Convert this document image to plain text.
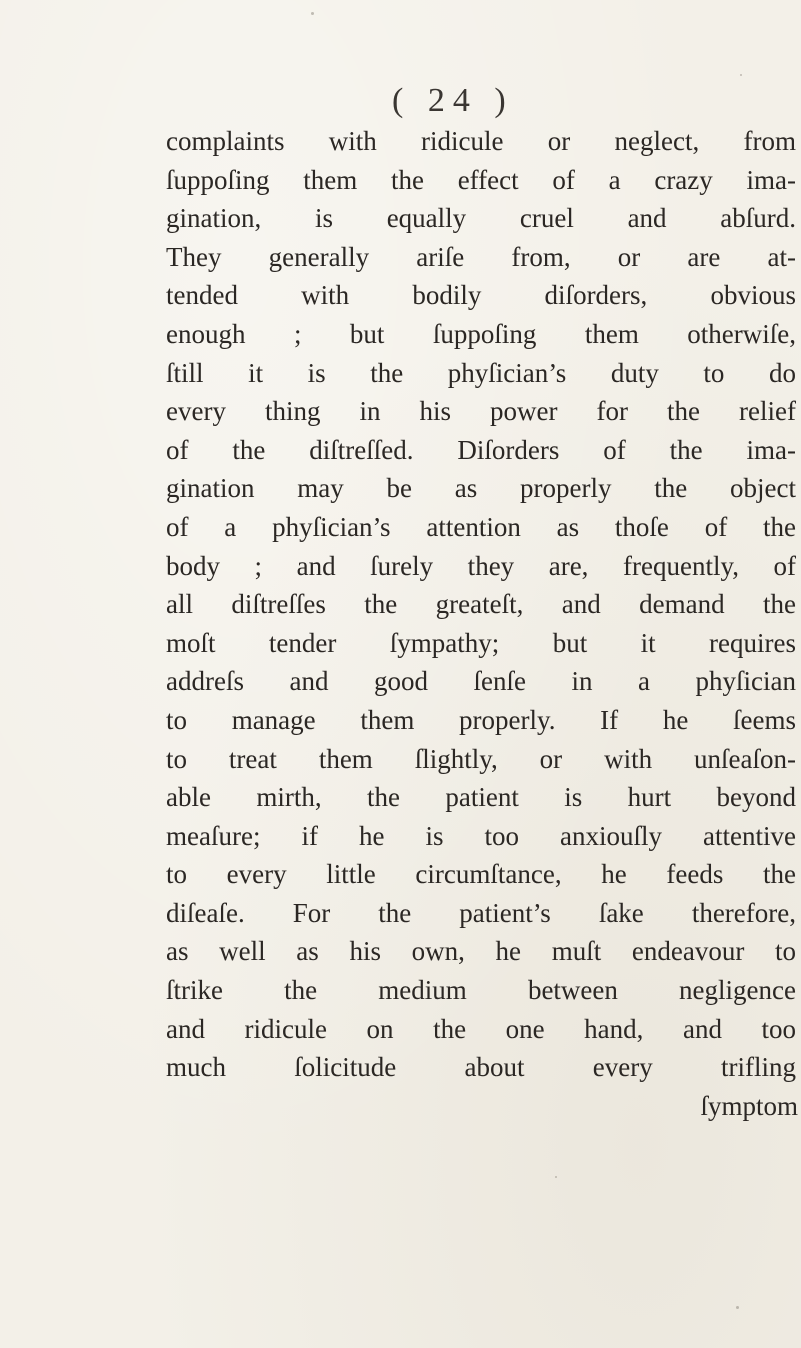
( 24 )
complaints with ridicule or neglect, from
ſuppoſing them the effect of a crazy ima-
gination, is equally cruel and abſurd.
They generally ariſe from, or are at-
tended with bodily diſorders, obvious
enough ; but ſuppoſing them otherwiſe,
ſtill it is the phyſician’s duty to do
every thing in his power for the relief
of the diſtreſſed. Diſorders of the ima-
gination may be as properly the object
of a phyſician’s attention as thoſe of the
body ; and ſurely they are, frequently, of
all diſtreſſes the greateſt, and demand the
moſt tender ſympathy; but it requires
addreſs and good ſenſe in a phyſician
to manage them properly. If he ſeems
to treat them ſlightly, or with unſeaſon-
able mirth, the patient is hurt beyond
meaſure; if he is too anxiouſly attentive
to every little circumſtance, he feeds the
diſeaſe. For the patient’s ſake therefore,
as well as his own, he muſt endeavour to
ſtrike the medium between negligence
and ridicule on the one hand, and too
much ſolicitude about every trifling
ſymptom
